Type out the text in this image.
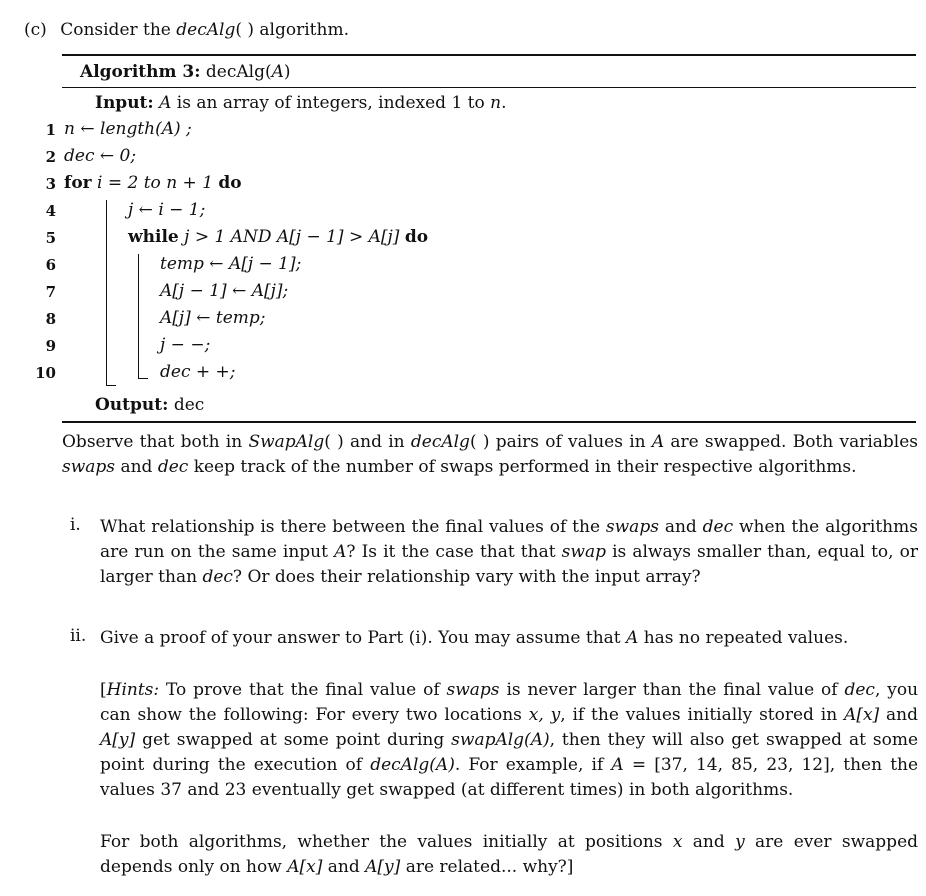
(c) Consider the decAlg( ) algorithm.
Algorithm 3: decAlg(A)
Input: A is an array of integers, indexed 1 to n.
1 n ← length(A) ;
2 dec ← 0;
3 for i = 2 to n + 1 do
4	j ← i − 1;
5	while j > 1 AND A[j − 1] > A[j] do
6	temp ← A[j − 1];
7	A[j − 1] ← A[j];
8	A[j] ← temp;
9	j − −;
10	dec + +;
Output: dec
Observe that both in SwapAlg( ) and in decAlg( ) pairs of values in A are swapped. Both variables swaps and dec keep track of the number of swaps performed in their respective algorithms.
i. What relationship is there between the final values of the swaps and dec when the algorithms are run on the same input A? Is it the case that that swap is always smaller than, equal to, or larger than dec? Or does their relationship vary with the input array?
ii. Give a proof of your answer to Part (i). You may assume that A has no repeated values.
[Hints: To prove that the final value of swaps is never larger than the final value of dec, you can show the following: For every two locations x, y, if the values initially stored in A[x] and A[y] get swapped at some point during swapAlg(A), then they will also get swapped at some point during the execution of decAlg(A). For example, if A = [37, 14, 85, 23, 12], then the values 37 and 23 eventually get swapped (at different times) in both algorithms.
For both algorithms, whether the values initially at positions x and y are ever swapped depends only on how A[x] and A[y] are related... why?]
